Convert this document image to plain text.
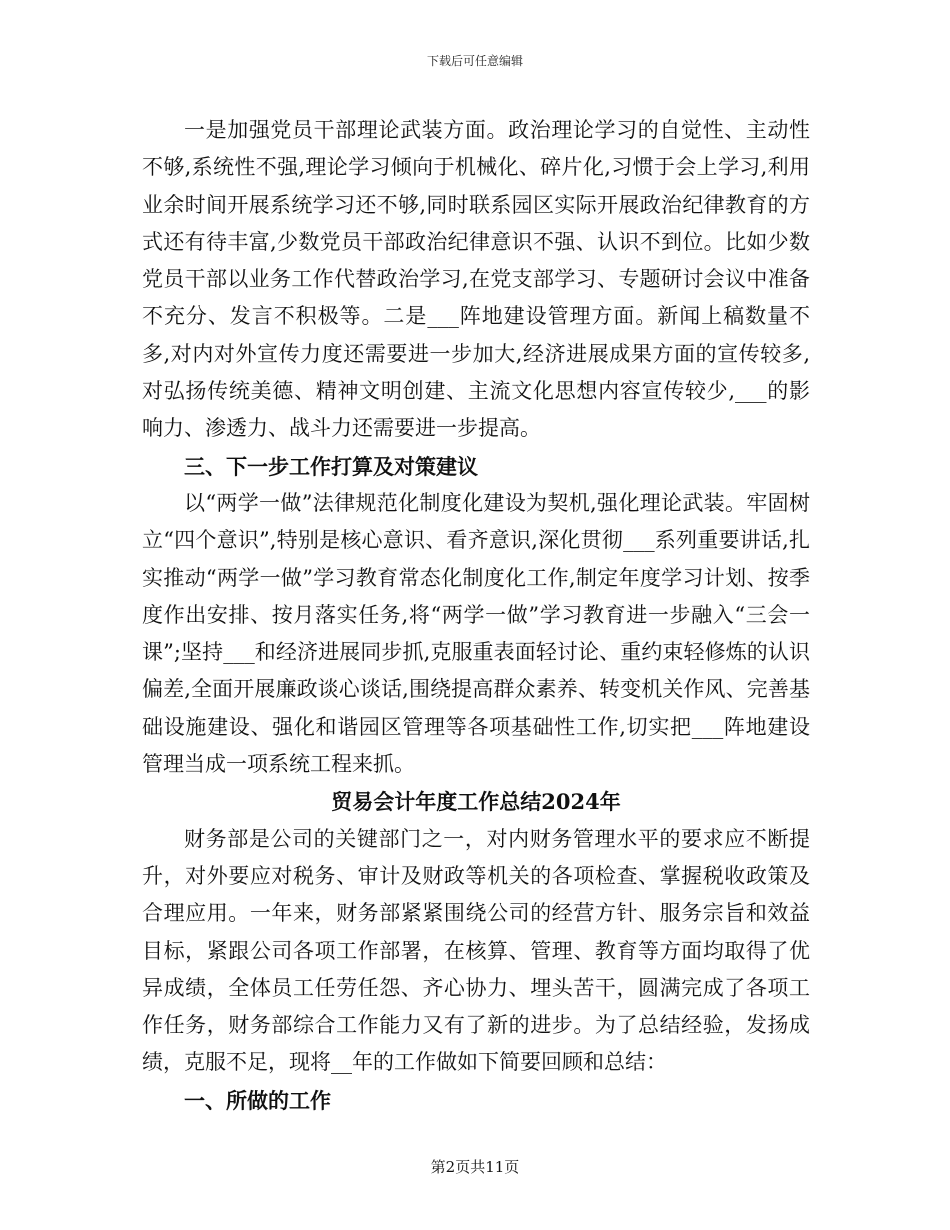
下载后可任意编辑

一是加强党员干部理论武装方面。政治理论学习的自觉性、主动性不够,系统性不强,理论学习倾向于机械化、碎片化,习惯于会上学习,利用业余时间开展系统学习还不够,同时联系园区实际开展政治纪律教育的方式还有待丰富,少数党员干部政治纪律意识不强、认识不到位。比如少数党员干部以业务工作代替政治学习,在党支部学习、专题研讨会议中准备不充分、发言不积极等。二是___阵地建设管理方面。新闻上稿数量不多,对内对外宣传力度还需要进一步加大,经济进展成果方面的宣传较多,对弘扬传统美德、精神文明创建、主流文化思想内容宣传较少,___的影响力、渗透力、战斗力还需要进一步提高。

三、下一步工作打算及对策建议

以“两学一做”法律规范化制度化建设为契机,强化理论武装。牢固树立“四个意识”,特别是核心意识、看齐意识,深化贯彻___系列重要讲话,扎实推动“两学一做”学习教育常态化制度化工作,制定年度学习计划、按季度作出安排、按月落实任务,将“两学一做”学习教育进一步融入“三会一课”;坚持___和经济进展同步抓,克服重表面轻讨论、重约束轻修炼的认识偏差,全面开展廉政谈心谈话,围绕提高群众素养、转变机关作风、完善基础设施建设、强化和谐园区管理等各项基础性工作,切实把___阵地建设管理当成一项系统工程来抓。

贸易会计年度工作总结2024年

财务部是公司的关键部门之一，对内财务管理水平的要求应不断提升，对外要应对税务、审计及财政等机关的各项检查、掌握税收政策及合理应用。一年来，财务部紧紧围绕公司的经营方针、服务宗旨和效益目标，紧跟公司各项工作部署，在核算、管理、教育等方面均取得了优异成绩，全体员工任劳任怨、齐心协力、埋头苦干，圆满完成了各项工作任务，财务部综合工作能力又有了新的进步。为了总结经验，发扬成绩，克服不足，现将__年的工作做如下简要回顾和总结：

一、所做的工作
第2页共11页
